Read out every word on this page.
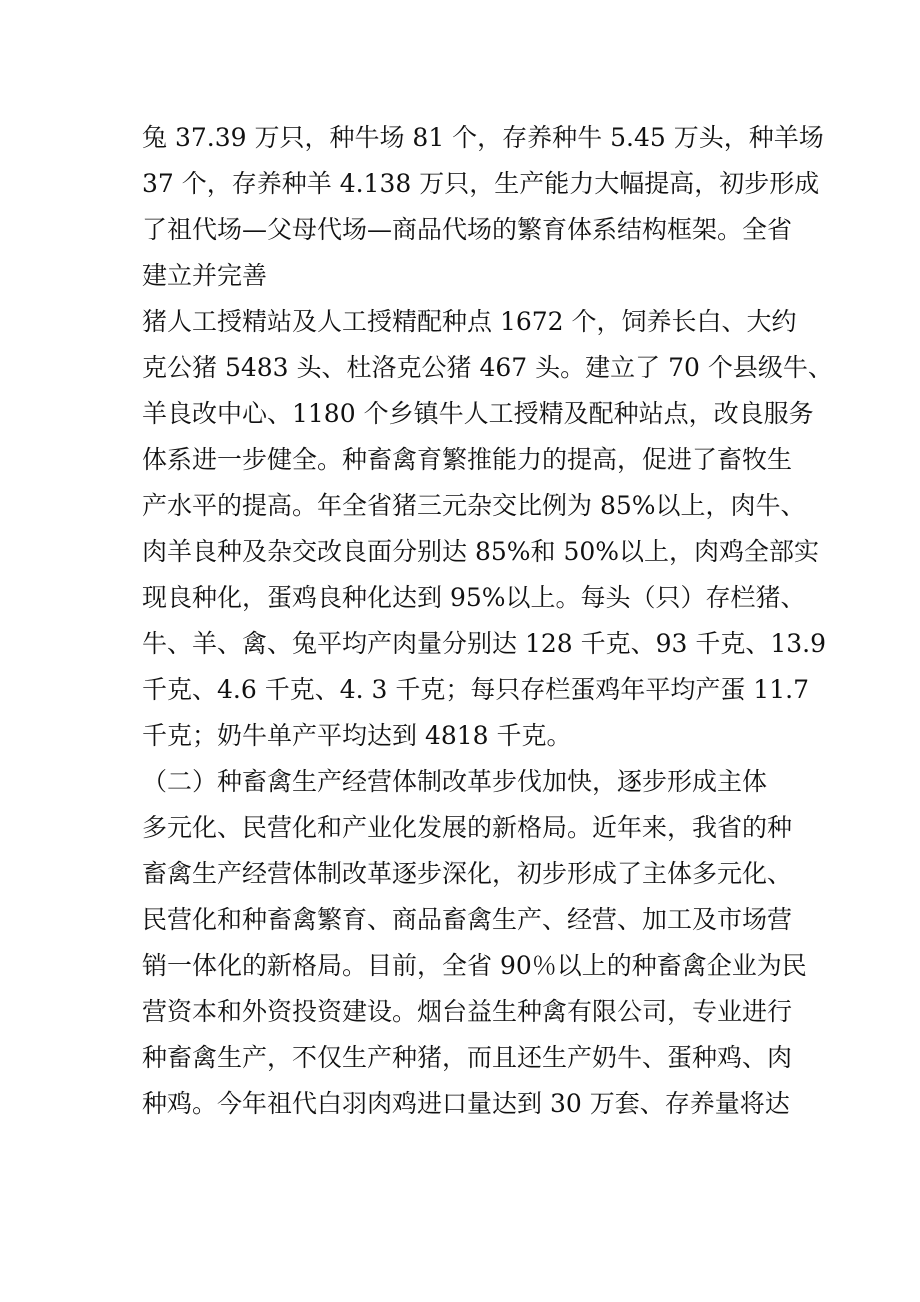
兔 37.39 万只，种牛场 81 个，存养种牛 5.45 万头，种羊场
37 个，存养种羊 4.138 万只，生产能力大幅提高，初步形成
了祖代场—父母代场—商品代场的繁育体系结构框架。全省
建立并完善
猪人工授精站及人工授精配种点 1672 个，饲养长白、大约
克公猪 5483 头、杜洛克公猪 467 头。建立了 70 个县级牛、
羊良改中心、1180 个乡镇牛人工授精及配种站点，改良服务
体系进一步健全。种畜禽育繁推能力的提高，促进了畜牧生
产水平的提高。年全省猪三元杂交比例为 85%以上，肉牛、
肉羊良种及杂交改良面分别达 85%和 50%以上，肉鸡全部实
现良种化，蛋鸡良种化达到 95%以上。每头（只）存栏猪、
牛、羊、禽、兔平均产肉量分别达 128 千克、93 千克、13.9
千克、4.6 千克、4. 3 千克；每只存栏蛋鸡年平均产蛋 11.7
千克；奶牛单产平均达到 4818 千克。
（二）种畜禽生产经营体制改革步伐加快，逐步形成主体
多元化、民营化和产业化发展的新格局。近年来，我省的种
畜禽生产经营体制改革逐步深化，初步形成了主体多元化、
民营化和种畜禽繁育、商品畜禽生产、经营、加工及市场营
销一体化的新格局。目前，全省 90％以上的种畜禽企业为民
营资本和外资投资建设。烟台益生种禽有限公司，专业进行
种畜禽生产，不仅生产种猪，而且还生产奶牛、蛋种鸡、肉
种鸡。今年祖代白羽肉鸡进口量达到 30 万套、存养量将达
